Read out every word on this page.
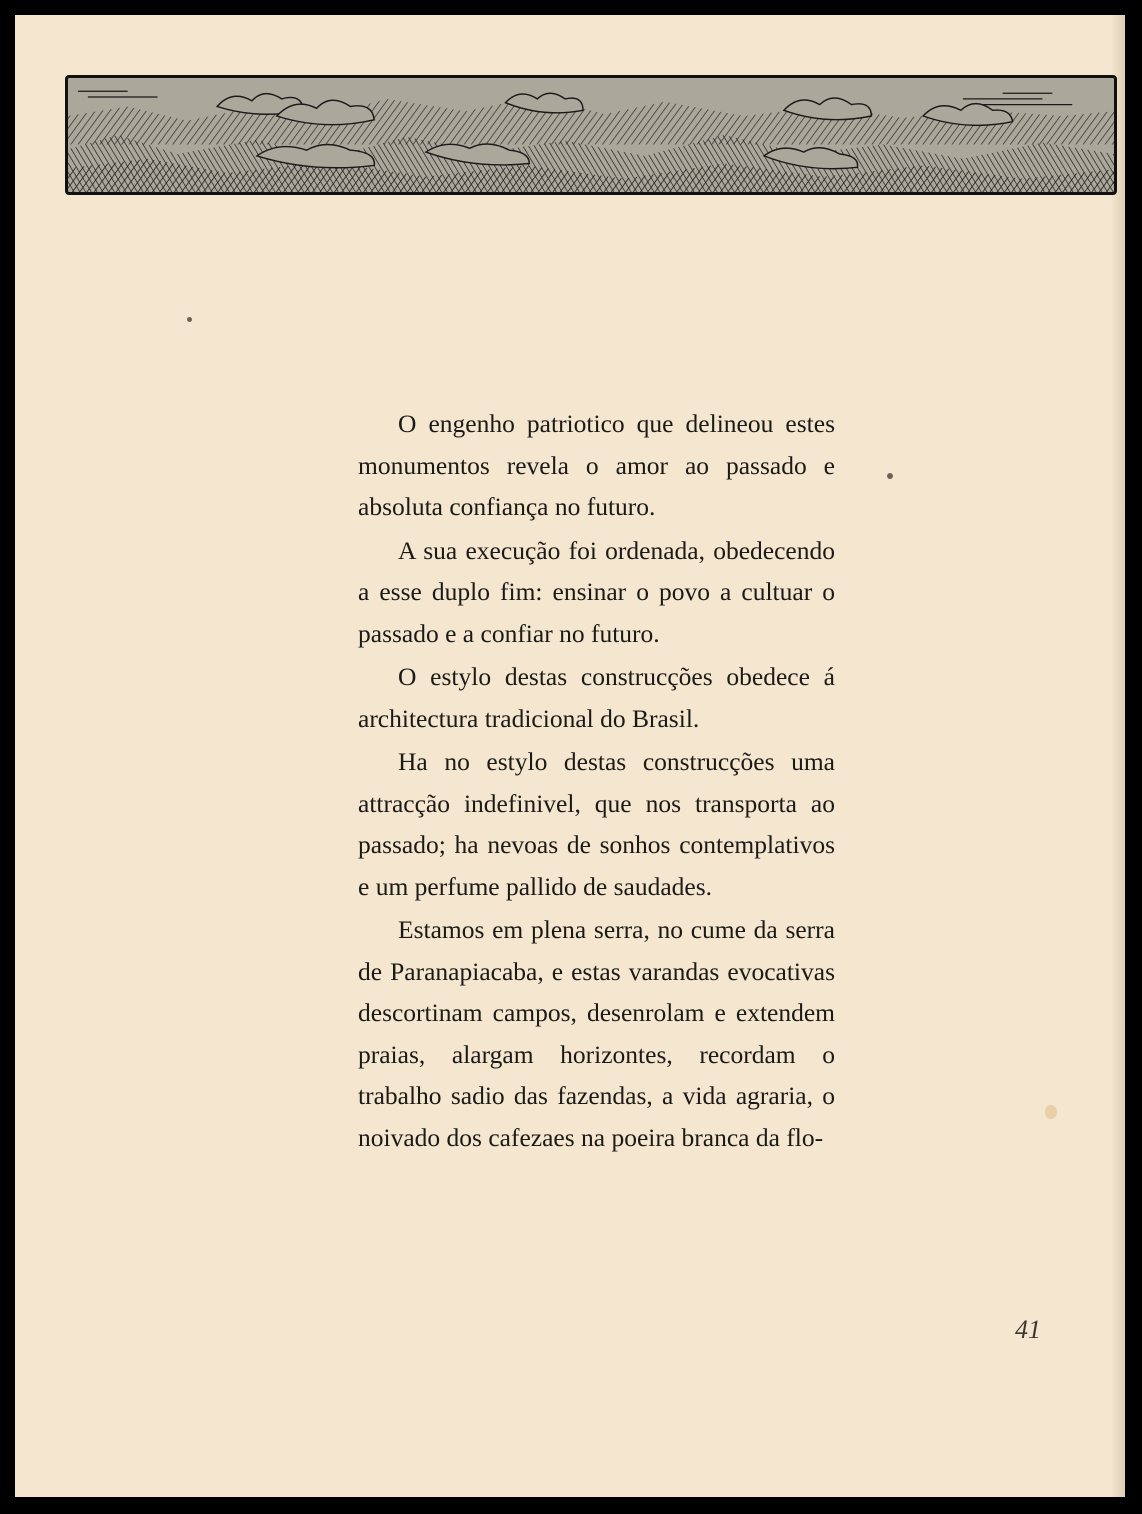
O engenho patriotico que delineou estes monumentos revela o amor ao passado e absoluta confiança no futuro.

A sua execução foi ordenada, obedecendo a esse duplo fim: ensinar o povo a cultuar o passado e a confiar no futuro.

O estylo destas construcções obedece á architectura tradicional do Brasil.

Ha no estylo destas construcções uma attracção indefinivel, que nos transporta ao passado; ha nevoas de sonhos contemplativos e um perfume pallido de saudades.

Estamos em plena serra, no cume da serra de Paranapiacaba, e estas varandas evocativas descortinam campos, desenrolam e extendem praias, alargam horizontes, recordam o trabalho sadio das fazendas, a vida agraria, o noivado dos cafezaes na poeira branca da flo-

41
